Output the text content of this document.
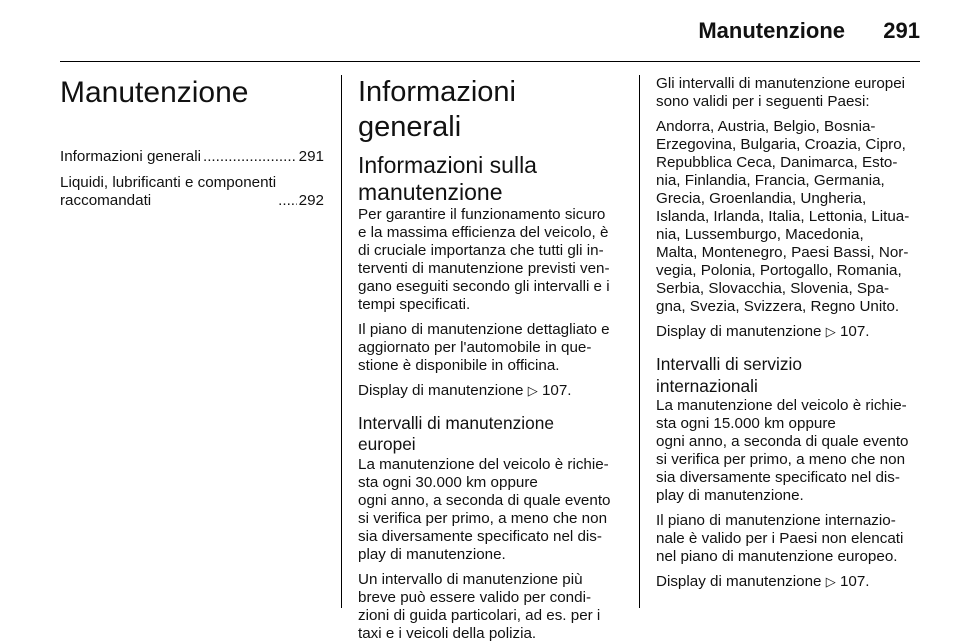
Manutenzione 291
Manutenzione
Informazioni generali .....	291
Liquidi, lubrificanti e componenti
raccomandati .....	292
Informazioni generali
Informazioni sulla
manutenzione

Per garantire il funzionamento sicuro
e la massima efficienza del veicolo, è
di cruciale importanza che tutti gli in-
terventi di manutenzione previsti ven-
gano eseguiti secondo gli intervalli e i
tempi specificati.

Il piano di manutenzione dettagliato e
aggiornato per l'automobile in que-
stione è disponibile in officina.

Display di manutenzione ▷ 107.

Intervalli di manutenzione
europei

La manutenzione del veicolo è richie-
sta ogni 30.000 km oppure
ogni anno, a seconda di quale evento
si verifica per primo, a meno che non
sia diversamente specificato nel dis-
play di manutenzione.

Un intervallo di manutenzione più
breve può essere valido per condi-
zioni di guida particolari, ad es. per i
taxi e i veicoli della polizia.

Gli intervalli di manutenzione europei
sono validi per i seguenti Paesi:

Andorra, Austria, Belgio, Bosnia-
Erzegovina, Bulgaria, Croazia, Cipro,
Repubblica Ceca, Danimarca, Esto-
nia, Finlandia, Francia, Germania,
Grecia, Groenlandia, Ungheria,
Islanda, Irlanda, Italia, Lettonia, Litua-
nia, Lussemburgo, Macedonia,
Malta, Montenegro, Paesi Bassi, Nor-
vegia, Polonia, Portogallo, Romania,
Serbia, Slovacchia, Slovenia, Spa-
gna, Svezia, Svizzera, Regno Unito.

Display di manutenzione ▷ 107.

Intervalli di servizio
internazionali

La manutenzione del veicolo è richie-
sta ogni 15.000 km oppure
ogni anno, a seconda di quale evento
si verifica per primo, a meno che non
sia diversamente specificato nel dis-
play di manutenzione.

Il piano di manutenzione internazio-
nale è valido per i Paesi non elencati
nel piano di manutenzione europeo.

Display di manutenzione ▷ 107.
